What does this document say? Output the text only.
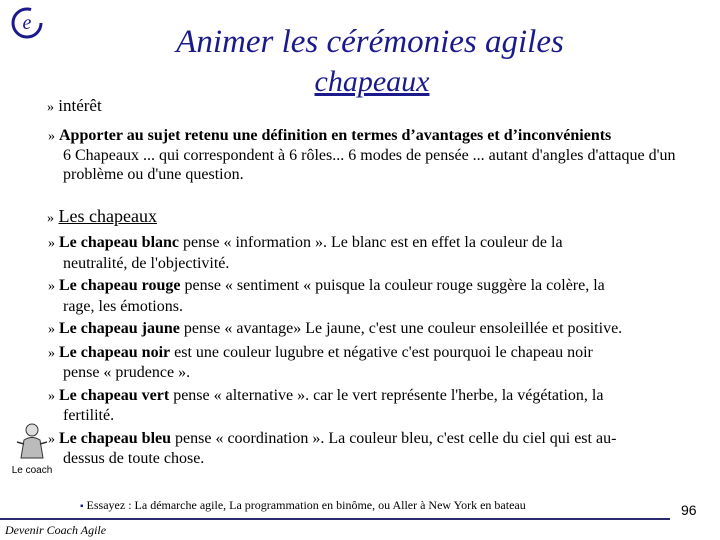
e
Animer les cérémonies agiles
chapeaux
» intérêt
» Apporter au sujet retenu une définition en termes d’avantages et d’inconvénients
6 Chapeaux ... qui correspondent à 6 rôles... 6 modes de pensée ... autant d'angles d'attaque d'un problème ou d'une question.
» Les chapeaux
» Le chapeau blanc pense « information ». Le blanc est en effet la couleur de la
neutralité, de l'objectivité.
» Le chapeau rouge pense « sentiment « puisque la couleur rouge suggère la colère, la
rage, les émotions.
» Le chapeau jaune pense « avantage» Le jaune, c'est une couleur ensoleillée et positive.
» Le chapeau noir est une couleur lugubre et négative c'est pourquoi le chapeau noir
pense « prudence ».
» Le chapeau vert pense « alternative ». car le vert représente l'herbe, la végétation, la
fertilité.
» Le chapeau bleu pense « coordination ». La couleur bleu, c'est celle du ciel qui est au-
dessus de toute chose.
Le coach
▪ Essayez : La démarche agile, La programmation en binôme, ou Aller à New York en bateau
Devenir Coach Agile
96
